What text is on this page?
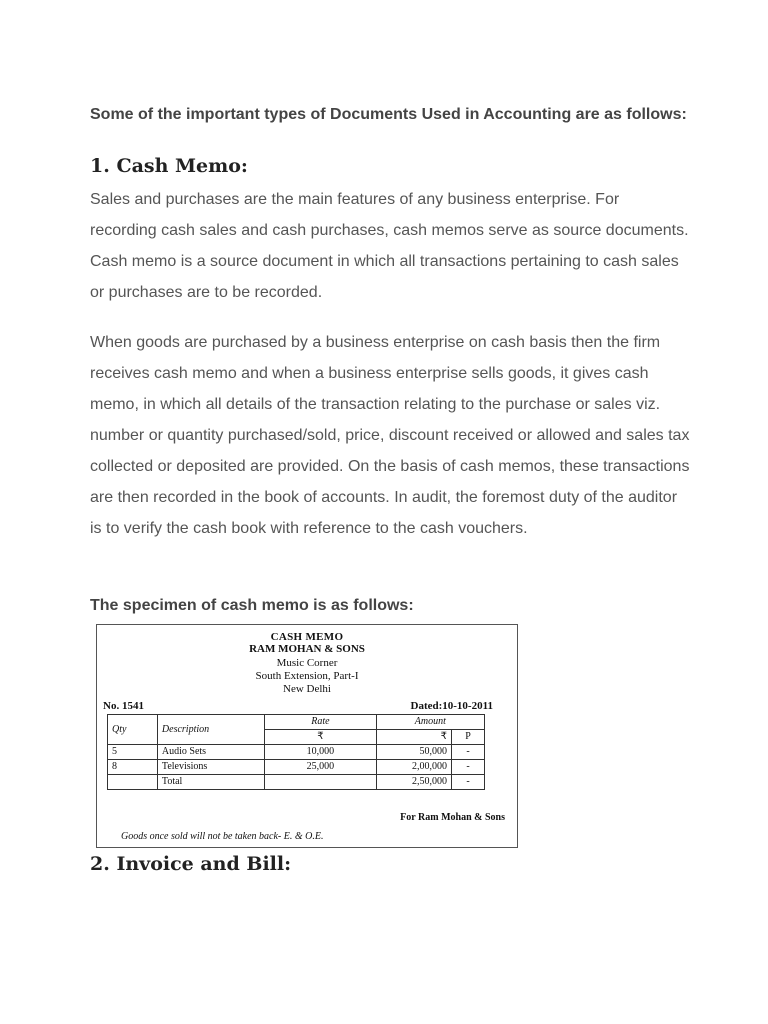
Some of the important types of Documents Used in Accounting are as follows:
1. Cash Memo:
Sales and purchases are the main features of any business enterprise. For recording cash sales and cash purchases, cash memos serve as source documents. Cash memo is a source document in which all transactions pertaining to cash sales or purchases are to be recorded.
When goods are purchased by a business enterprise on cash basis then the firm receives cash memo and when a business enterprise sells goods, it gives cash memo, in which all details of the transaction relating to the purchase or sales viz. number or quantity purchased/sold, price, discount received or allowed and sales tax collected or deposited are provided. On the basis of cash memos, these transactions are then recorded in the book of accounts. In audit, the foremost duty of the auditor is to verify the cash book with reference to the cash vouchers.
The specimen of cash memo is as follows:
CASH MEMO
RAM MOHAN & SONS
Music Corner
South Extension, Part-I
New Delhi
No. 1541	Dated:10-10-2011
Qty	Description	Rate	Amount	
		₹	₹	P
5	Audio Sets	10,000	50,000	-
8	Televisions	25,000	2,00,000	-
	Total		2,50,000	-
For Ram Mohan & Sons
Goods once sold will not be taken back- E. & O.E.
2. Invoice and Bill:
